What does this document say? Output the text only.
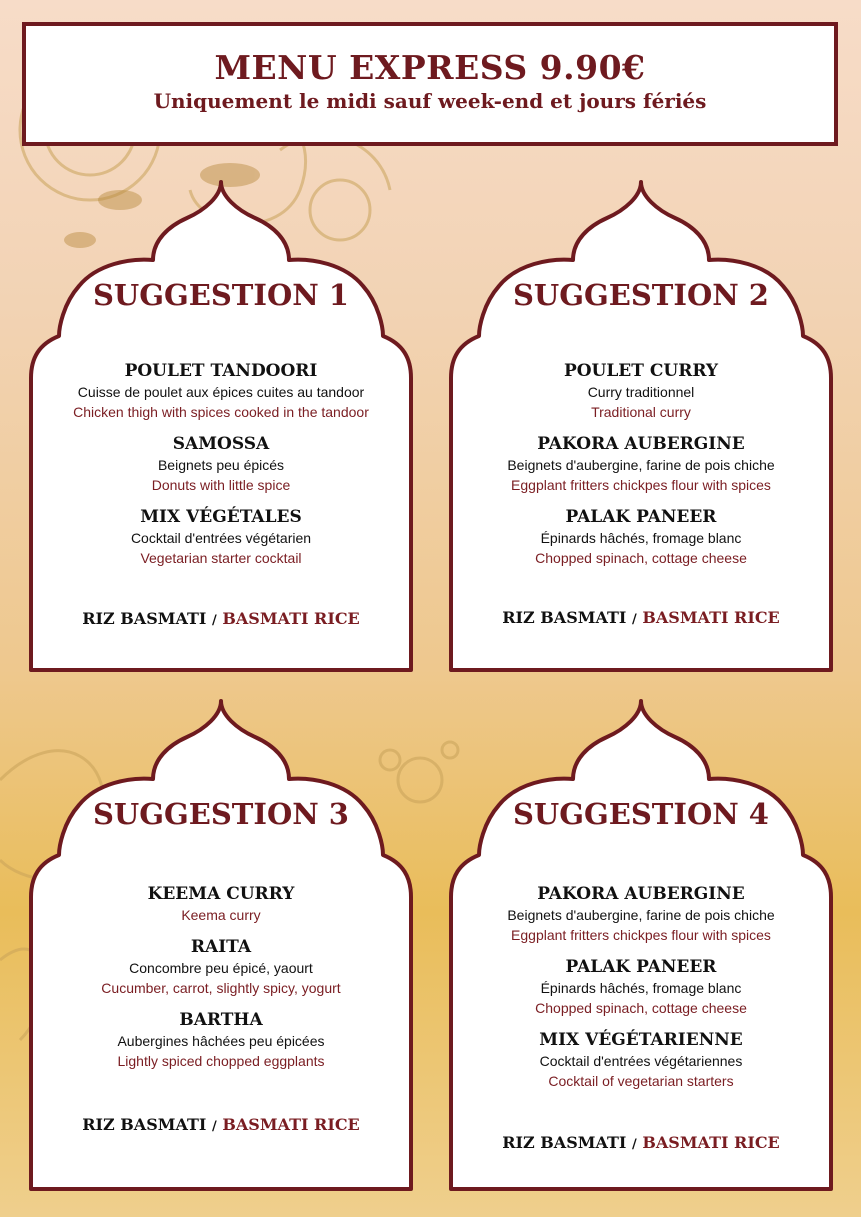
MENU EXPRESS 9.90€
Uniquement le midi sauf week-end et jours fériés
SUGGESTION 1
POULET TANDOORI
Cuisse de poulet aux épices cuites au tandoor
Chicken thigh with spices cooked in the tandoor
SAMOSSA
Beignets peu épicés
Donuts with little spice
MIX VÉGÉTALES
Cocktail d'entrées végétarien
Vegetarian starter cocktail
RIZ BASMATI / BASMATI RICE
SUGGESTION 2
POULET CURRY
Curry traditionnel
Traditional curry
PAKORA AUBERGINE
Beignets d'aubergine, farine de pois chiche
Eggplant fritters chickpes flour with spices
PALAK PANEER
Épinards hâchés, fromage blanc
Chopped spinach, cottage cheese
RIZ BASMATI / BASMATI RICE
SUGGESTION 3
KEEMA CURRY
Keema curry
RAITA
Concombre peu épicé, yaourt
Cucumber, carrot, slightly spicy, yogurt
BARTHA
Aubergines hâchées peu épicées
Lightly spiced chopped eggplants
RIZ BASMATI / BASMATI RICE
SUGGESTION 4
PAKORA AUBERGINE
Beignets d'aubergine, farine de pois chiche
Eggplant fritters chickpes flour with spices
PALAK PANEER
Épinards hâchés, fromage blanc
Chopped spinach, cottage cheese
MIX VÉGÉTARIENNE
Cocktail d'entrées végétariennes
Cocktail of vegetarian starters
RIZ BASMATI / BASMATI RICE
